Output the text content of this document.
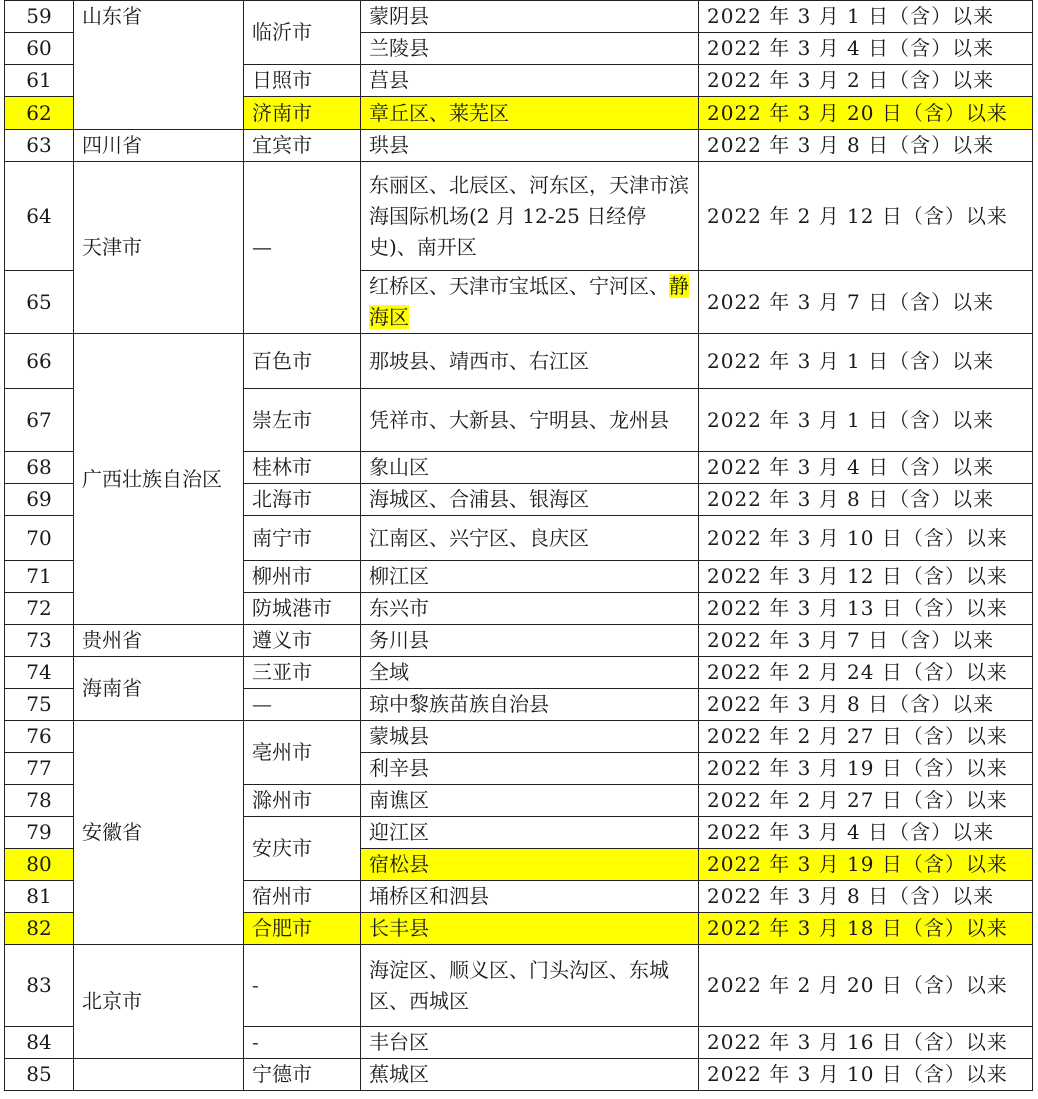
59	山东省	临沂市	蒙阴县	2022 年 3 月 1 日（含）以来
60			兰陵县	2022 年 3 月 4 日（含）以来
61		日照市	莒县	2022 年 3 月 2 日（含）以来
62		济南市	章丘区、莱芜区	2022 年 3 月 20 日（含）以来
63	四川省	宜宾市	珙县	2022 年 3 月 8 日（含）以来
64	天津市	—	东丽区、北辰区、河东区，天津市滨海国际机场(2 月 12-25 日经停史)、南开区	2022 年 2 月 12 日（含）以来
65			红桥区、天津市宝坻区、宁河区、静海区	2022 年 3 月 7 日（含）以来
66	广西壮族自治区	百色市	那坡县、靖西市、右江区	2022 年 3 月 1 日（含）以来
67		崇左市	凭祥市、大新县、宁明县、龙州县	2022 年 3 月 1 日（含）以来
68		桂林市	象山区	2022 年 3 月 4 日（含）以来
69		北海市	海城区、合浦县、银海区	2022 年 3 月 8 日（含）以来
70		南宁市	江南区、兴宁区、良庆区	2022 年 3 月 10 日（含）以来
71		柳州市	柳江区	2022 年 3 月 12 日（含）以来
72		防城港市	东兴市	2022 年 3 月 13 日（含）以来
73	贵州省	遵义市	务川县	2022 年 3 月 7 日（含）以来
74	海南省	三亚市	全域	2022 年 2 月 24 日（含）以来
75		—	琼中黎族苗族自治县	2022 年 3 月 8 日（含）以来
76	安徽省	亳州市	蒙城县	2022 年 2 月 27 日（含）以来
77			利辛县	2022 年 3 月 19 日（含）以来
78		滁州市	南谯区	2022 年 2 月 27 日（含）以来
79		安庆市	迎江区	2022 年 3 月 4 日（含）以来
80			宿松县	2022 年 3 月 19 日（含）以来
81		宿州市	埇桥区和泗县	2022 年 3 月 8 日（含）以来
82		合肥市	长丰县	2022 年 3 月 18 日（含）以来
83	北京市	-	海淀区、顺义区、门头沟区、东城区、西城区	2022 年 2 月 20 日（含）以来
84		-	丰台区	2022 年 3 月 16 日（含）以来
85		宁德市	蕉城区	2022 年 3 月 10 日（含）以来
